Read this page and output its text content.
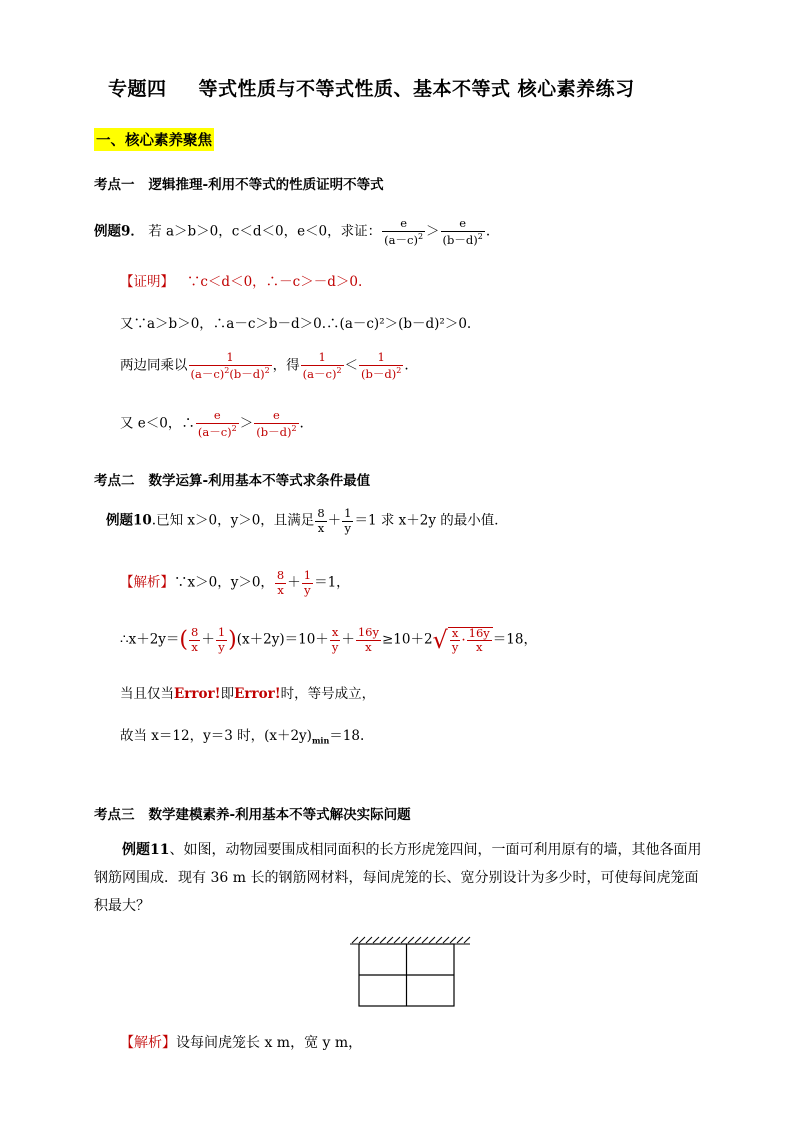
专题四 等式性质与不等式性质、基本不等式 核心素养练习
一、核心素养聚焦
考点一 逻辑推理-利用不等式的性质证明不等式
例题9． 若 a＞b＞0，c＜d＜0，e＜0，求证： $\frac{e}{(a-c)^2} > \frac{e}{(b-d)^2}$ .
【证明】 ∵c＜d＜0，∴－c＞－d＞0.
又∵a＞b＞0，∴a－c＞b－d＞0.∴(a－c)²＞(b－d)²＞0.
两边同乘以 $\frac{1}{(a-c)^2(b-d)^2}$ ，得 $\frac{1}{(a-c)^2} < \frac{1}{(b-d)^2}$ .
又 e＜0，∴ $\frac{e}{(a-c)^2} > \frac{e}{(b-d)^2}$ .
考点二 数学运算-利用基本不等式求条件最值
例题10.已知 x＞0，y＞0，且满足 $\frac{8}{x} + \frac{1}{y} =1$ 求 x＋2y 的最小值．
【解析】∵x＞0，y＞0， $\frac{8}{x} + \frac{1}{y} =1$，
∴x＋2y＝( $\frac{8}{x} + \frac{1}{y} )(x+2y)=10+ \frac{x}{y} + \frac{16y}{x} \ge 10+2√ \frac{x}{y} \cdot \frac{16y}{x} =18$，
当且仅当Error!即Error!时，等号成立，
故当 x＝12，y＝3 时，$(x+2y)_{min}=18$.
考点三 数学建模素养-利用基本不等式解决实际问题
例题11、如图，动物园要围成相同面积的长方形虎笼四间，一面可利用原有的墙，其他各面用钢筋网围成．现有 36 m 长的钢筋网材料，每间虎笼的长、宽分别设计为多少时，可使每间虎笼面积最大？
【解析】设每间虎笼长 x m，宽 y m，
